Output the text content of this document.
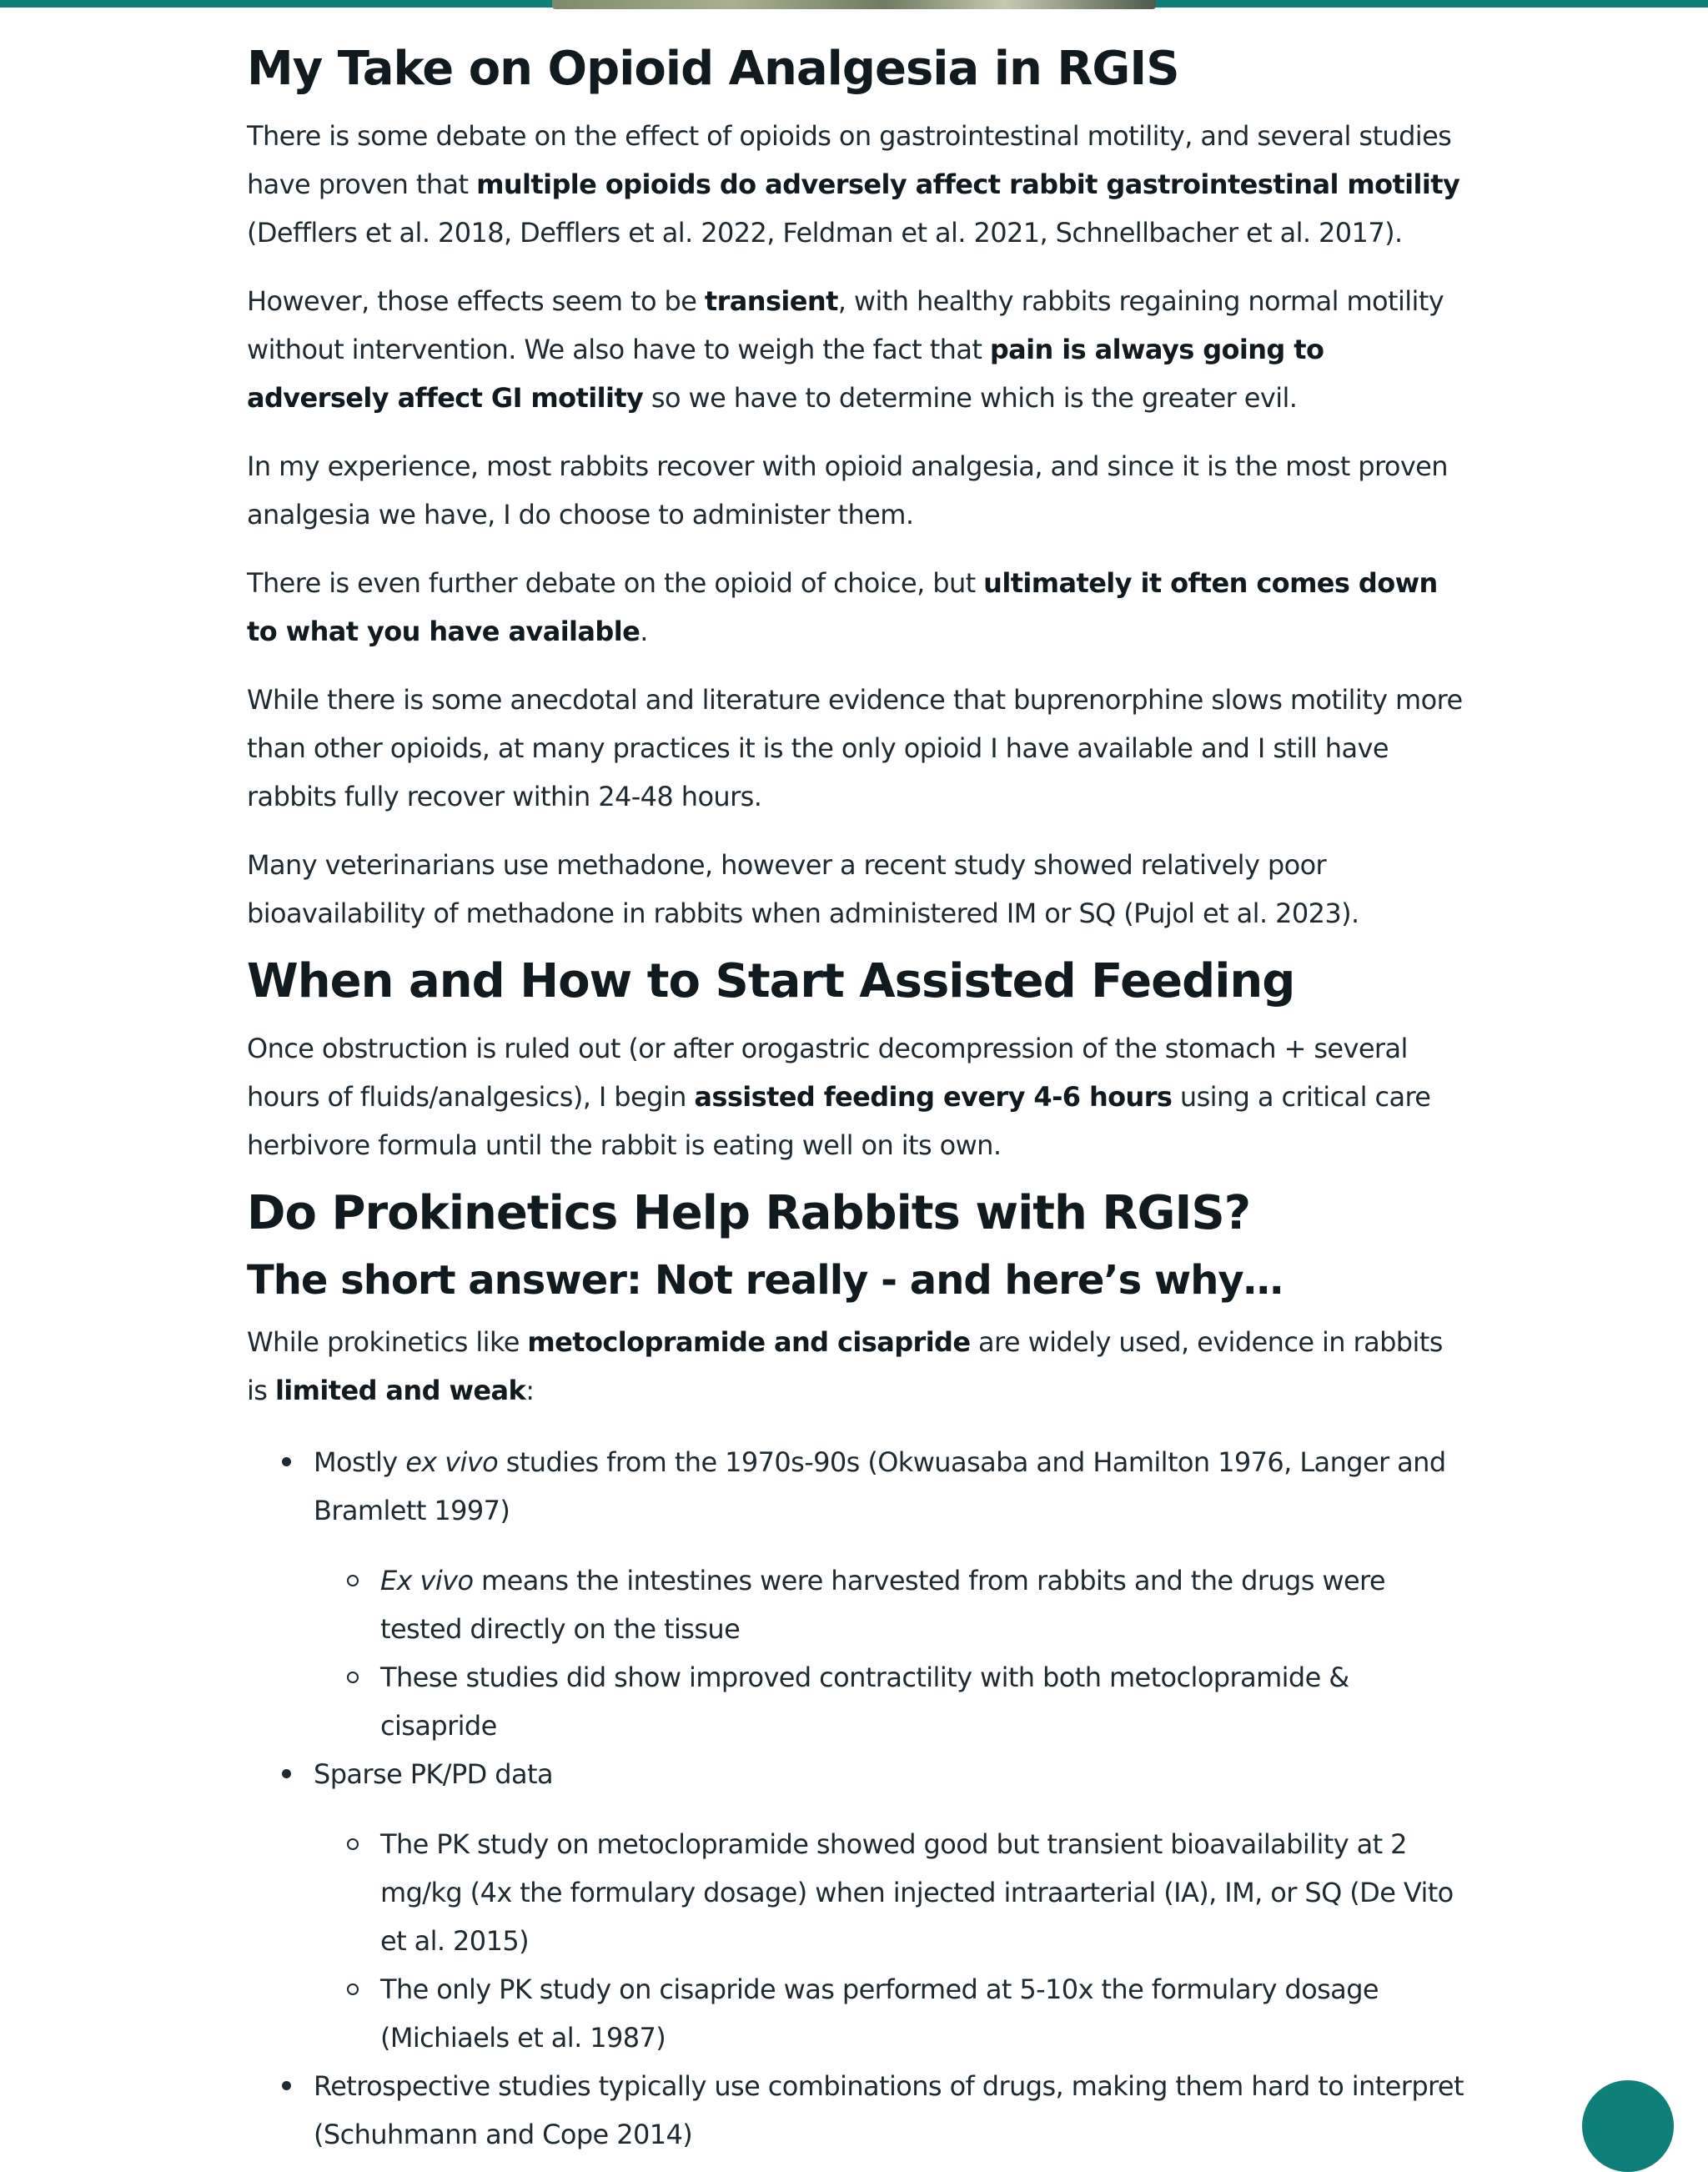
My Take on Opioid Analgesia in RGIS

There is some debate on the effect of opioids on gastrointestinal motility, and several studies have proven that multiple opioids do adversely affect rabbit gastrointestinal motility (Defflers et al. 2018, Defflers et al. 2022, Feldman et al. 2021, Schnellbacher et al. 2017).

However, those effects seem to be transient, with healthy rabbits regaining normal motility without intervention. We also have to weigh the fact that pain is always going to adversely affect GI motility so we have to determine which is the greater evil.

In my experience, most rabbits recover with opioid analgesia, and since it is the most proven analgesia we have, I do choose to administer them.

There is even further debate on the opioid of choice, but ultimately it often comes down to what you have available.

While there is some anecdotal and literature evidence that buprenorphine slows motility more than other opioids, at many practices it is the only opioid I have available and I still have rabbits fully recover within 24-48 hours.

Many veterinarians use methadone, however a recent study showed relatively poor bioavailability of methadone in rabbits when administered IM or SQ (Pujol et al. 2023).

When and How to Start Assisted Feeding

Once obstruction is ruled out (or after orogastric decompression of the stomach + several hours of fluids/analgesics), I begin assisted feeding every 4-6 hours using a critical care herbivore formula until the rabbit is eating well on its own.

Do Prokinetics Help Rabbits with RGIS?
The short answer: Not really - and here’s why…

While prokinetics like metoclopramide and cisapride are widely used, evidence in rabbits is limited and weak:

Mostly ex vivo studies from the 1970s-90s (Okwuasaba and Hamilton 1976, Langer and Bramlett 1997)
Ex vivo means the intestines were harvested from rabbits and the drugs were tested directly on the tissue
These studies did show improved contractility with both metoclopramide & cisapride
Sparse PK/PD data
The PK study on metoclopramide showed good but transient bioavailability at 2 mg/kg (4x the formulary dosage) when injected intraarterial (IA), IM, or SQ (De Vito et al. 2015)
The only PK study on cisapride was performed at 5-10x the formulary dosage (Michiaels et al. 1987)
Retrospective studies typically use combinations of drugs, making them hard to interpret (Schuhmann and Cope 2014)
